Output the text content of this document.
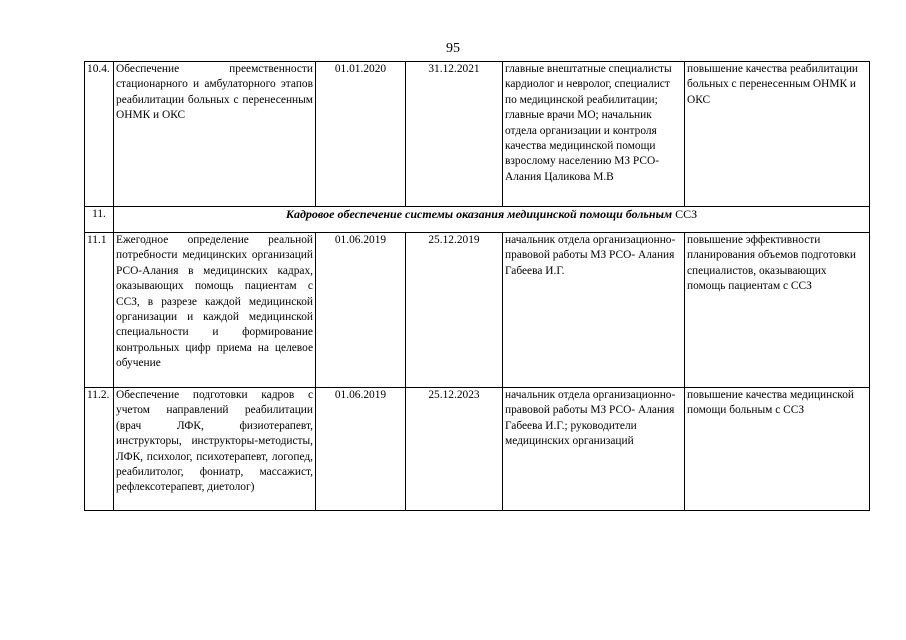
95
10.4.	Обеспечение преемственности стационарного и амбулаторного этапов реабилитации больных с перенесенным ОНМК и ОКС	01.01.2020	31.12.2021	главные внештатные специалисты кардиолог и невролог, специалист по медицинской реабилитации; главные врачи МО; начальник отдела организации и контроля качества медицинской помощи взрослому населению МЗ РСО- Алания Цаликова М.В	повышение качества реабилитации больных с перенесенным ОНМК и ОКС
11.	Кадровое обеспечение системы оказания медицинской помощи больным ССЗ				
11.1	Ежегодное определение реальной потребности медицинских организаций РСО-Алания в медицинских кадрах, оказывающих помощь пациентам с ССЗ, в разрезе каждой медицинской организации и каждой медицинской специальности и формирование контрольных цифр приема на целевое обучение	01.06.2019	25.12.2019	начальник отдела организационно-правовой работы МЗ РСО- Алания Габеева И.Г.	повышение эффективности планирования объемов подготовки специалистов, оказывающих помощь пациентам с ССЗ
11.2.	Обеспечение подготовки кадров с учетом направлений реабилитации (врач ЛФК, физиотерапевт, инструкторы, инструкторы-методисты, ЛФК, психолог, психотерапевт, логопед, реабилитолог, фониатр, массажист, рефлексотерапевт, диетолог)	01.06.2019	25.12.2023	начальник отдела организационно-правовой работы МЗ РСО- Алания Габеева И.Г.; руководители медицинских организаций	повышение качества медицинской помощи больным с ССЗ
